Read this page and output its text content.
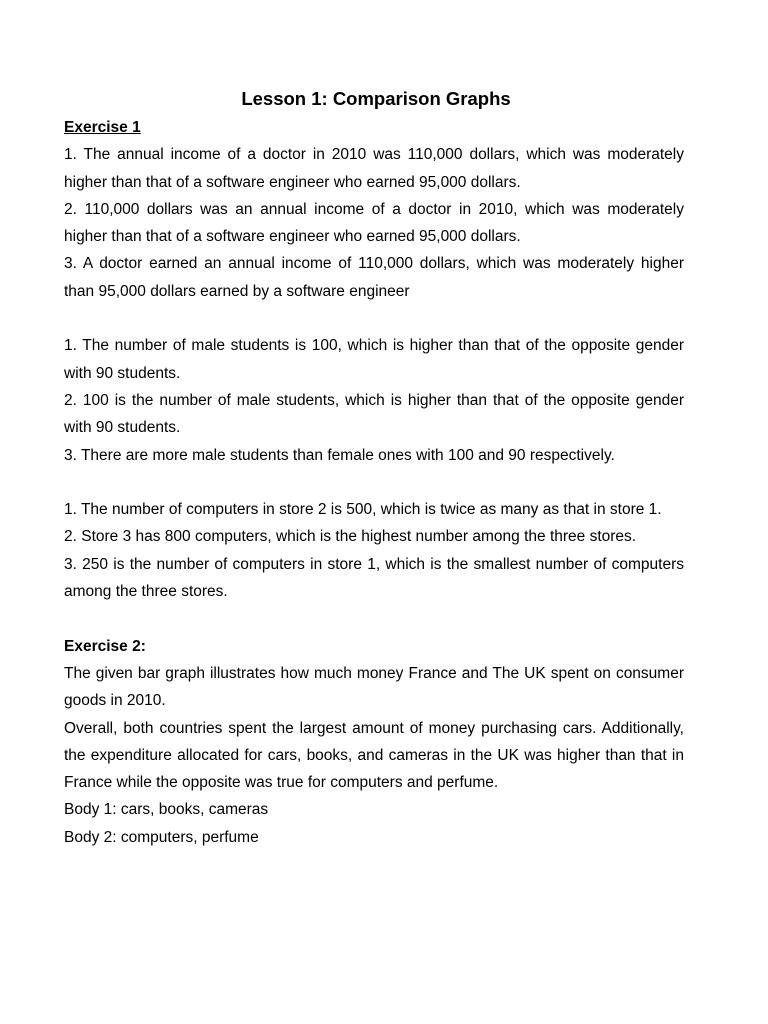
Lesson 1: Comparison Graphs

Exercise 1

1. The annual income of a doctor in 2010 was 110,000 dollars, which was moderately higher than that of a software engineer who earned 95,000 dollars.

2. 110,000 dollars was an annual income of a doctor in 2010, which was moderately higher than that of a software engineer who earned 95,000 dollars.

3. A doctor earned an annual income of 110,000 dollars, which was moderately higher than 95,000 dollars earned by a software engineer

1. The number of male students is 100, which is higher than that of the opposite gender with 90 students.

2. 100 is the number of male students, which is higher than that of the opposite gender with 90 students.

3. There are more male students than female ones with 100 and 90 respectively.

1. The number of computers in store 2 is 500, which is twice as many as that in store 1.

2. Store 3 has 800 computers, which is the highest number among the three stores.

3. 250 is the number of computers in store 1, which is the smallest number of computers among the three stores.

Exercise 2:

The given bar graph illustrates how much money France and The UK spent on consumer goods in 2010.

Overall, both countries spent the largest amount of money purchasing cars. Additionally, the expenditure allocated for cars, books, and cameras in the UK was higher than that in France while the opposite was true for computers and perfume.

Body 1: cars, books, cameras

Body 2: computers, perfume
